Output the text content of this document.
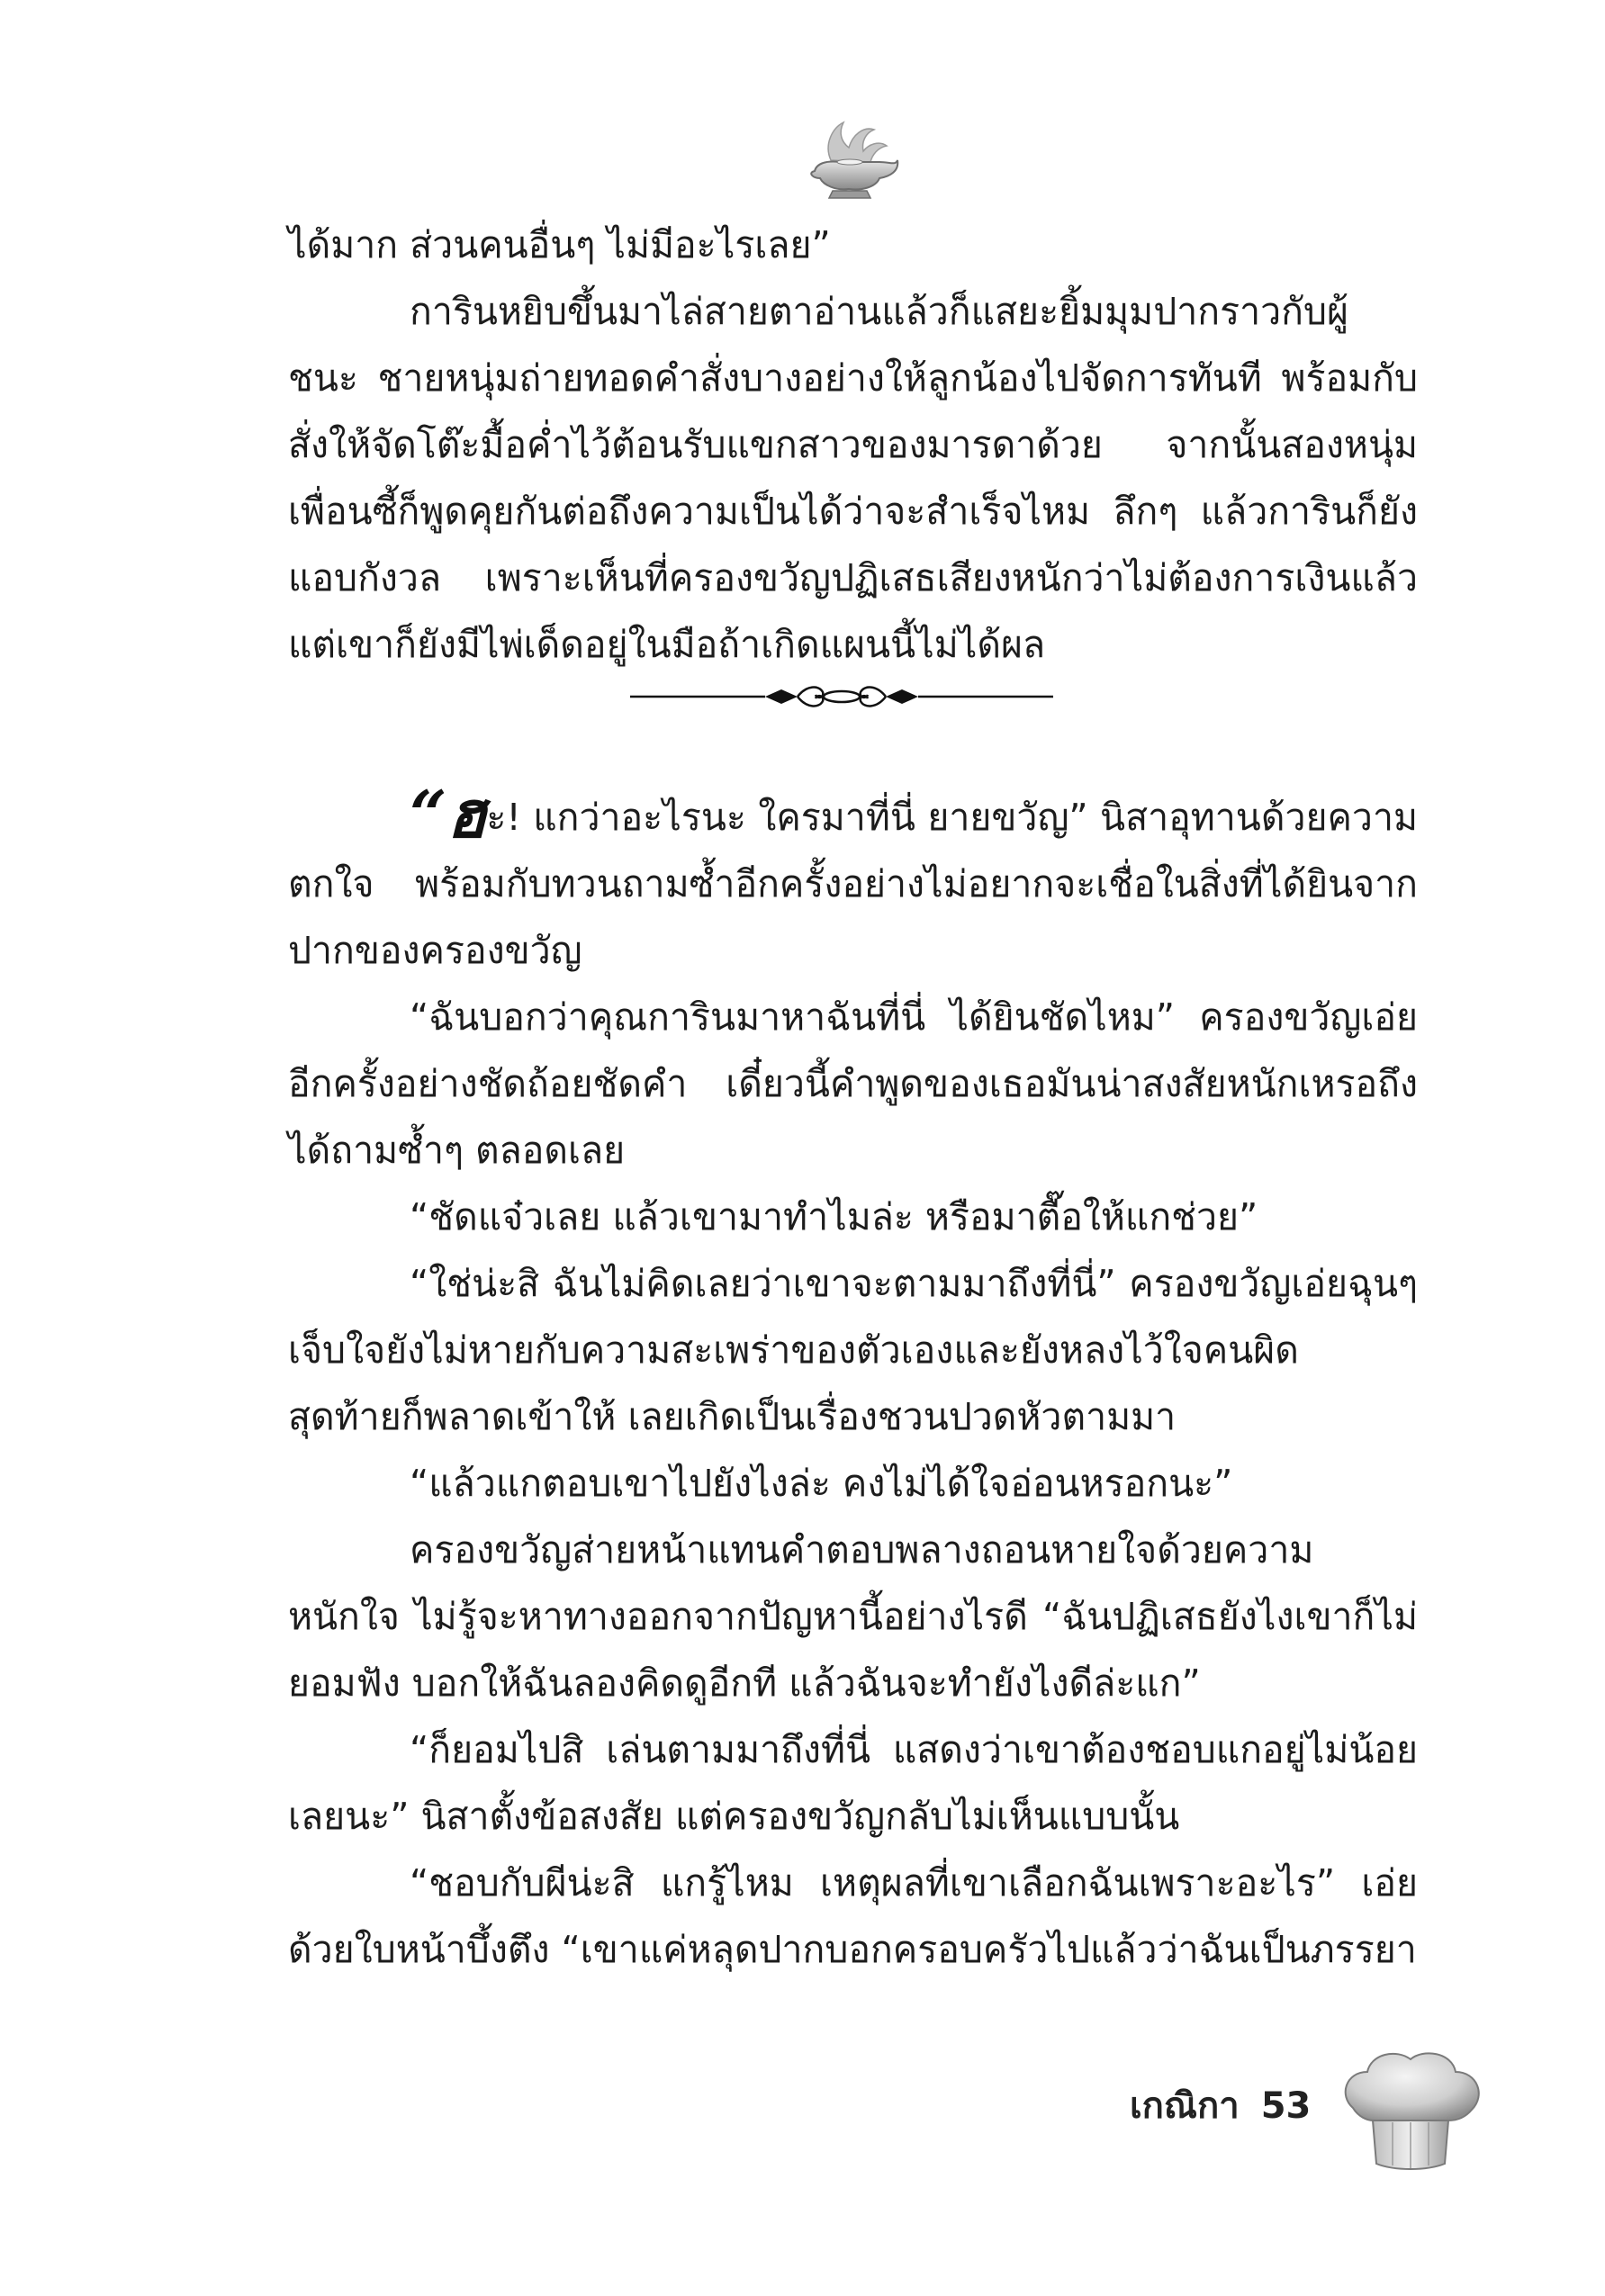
ได้มาก ส่วนคนอื่นๆ ไม่มีอะไรเลย”

การินหยิบขึ้นมาไล่สายตาอ่านแล้วก็แสยะยิ้มมุมปากราวกับผู้ชนะ ชายหนุ่มถ่ายทอดคำสั่งบางอย่างให้ลูกน้องไปจัดการทันที พร้อมกับสั่งให้จัดโต๊ะมื้อค่ำไว้ต้อนรับแขกสาวของมารดาด้วย จากนั้นสองหนุ่มเพื่อนซี้ก็พูดคุยกันต่อถึงความเป็นได้ว่าจะสำเร็จไหม ลึกๆ แล้วการินก็ยังแอบกังวล เพราะเห็นที่ครองขวัญปฏิเสธเสียงหนักว่าไม่ต้องการเงินแล้ว แต่เขาก็ยังมีไพ่เด็ดอยู่ในมือถ้าเกิดแผนนี้ไม่ได้ผล

“ฮะ! แกว่าอะไรนะ ใครมาที่นี่ ยายขวัญ” นิสาอุทานด้วยความตกใจ พร้อมกับทวนถามซ้ำอีกครั้งอย่างไม่อยากจะเชื่อในสิ่งที่ได้ยินจากปากของครองขวัญ

“ฉันบอกว่าคุณการินมาหาฉันที่นี่ ได้ยินชัดไหม” ครองขวัญเอ่ยอีกครั้งอย่างชัดถ้อยชัดคำ เดี๋ยวนี้คำพูดของเธอมันน่าสงสัยหนักเหรอถึงได้ถามซ้ำๆ ตลอดเลย

“ชัดแจ๋วเลย แล้วเขามาทำไมล่ะ หรือมาตื๊อให้แกช่วย”

“ใช่น่ะสิ ฉันไม่คิดเลยว่าเขาจะตามมาถึงที่นี่” ครองขวัญเอ่ยฉุนๆ เจ็บใจยังไม่หายกับความสะเพร่าของตัวเองและยังหลงไว้ใจคนผิด สุดท้ายก็พลาดเข้าให้ เลยเกิดเป็นเรื่องชวนปวดหัวตามมา

“แล้วแกตอบเขาไปยังไงล่ะ คงไม่ได้ใจอ่อนหรอกนะ”

ครองขวัญส่ายหน้าแทนคำตอบพลางถอนหายใจด้วยความหนักใจ ไม่รู้จะหาทางออกจากปัญหานี้อย่างไรดี “ฉันปฏิเสธยังไงเขาก็ไม่ยอมฟัง บอกให้ฉันลองคิดดูอีกที แล้วฉันจะทำยังไงดีล่ะแก”

“ก็ยอมไปสิ เล่นตามมาถึงที่นี่ แสดงว่าเขาต้องชอบแกอยู่ไม่น้อยเลยนะ” นิสาตั้งข้อสงสัย แต่ครองขวัญกลับไม่เห็นแบบนั้น

“ชอบกับผีน่ะสิ แกรู้ไหม เหตุผลที่เขาเลือกฉันเพราะอะไร” เอ่ยด้วยใบหน้าบึ้งตึง “เขาแค่หลุดปากบอกครอบครัวไปแล้วว่าฉันเป็นภรรยา

เกณิกา 53
